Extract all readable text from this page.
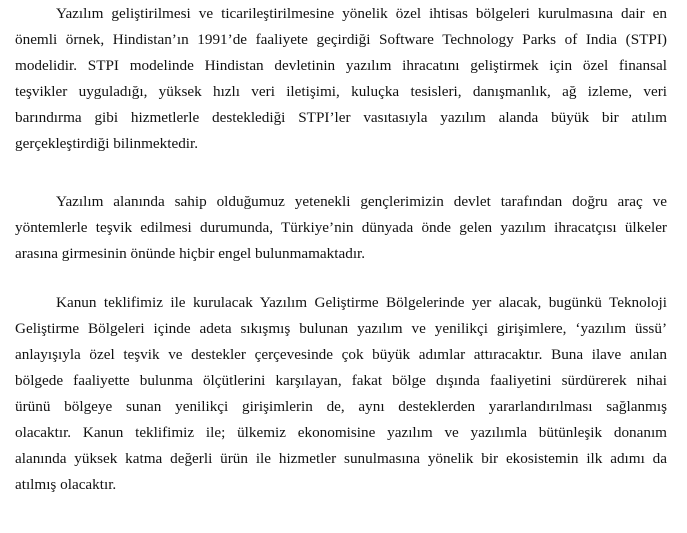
Yazılım geliştirilmesi ve ticarileştirilmesine yönelik özel ihtisas bölgeleri kurulmasına dair en
önemli örnek, Hindistan’ın 1991’de faaliyete geçirdiği Software Technology Parks of India (STPI)
modelidir. STPI modelinde Hindistan devletinin yazılım ihracatını geliştirmek için özel finansal
teşvikler uyguladığı, yüksek hızlı veri iletişimi, kuluçka tesisleri, danışmanlık, ağ izleme, veri
barındırma gibi hizmetlerle desteklediği STPI’ler vasıtasıyla yazılım alanda büyük bir atılım
gerçekleştirdiği bilinmektedir.
Yazılım alanında sahip olduğumuz yetenekli gençlerimizin devlet tarafından doğru araç ve
yöntemlerle teşvik edilmesi durumunda, Türkiye’nin dünyada önde gelen yazılım ihracatçısı ülkeler
arasına girmesinin önünde hiçbir engel bulunmamaktadır.
Kanun teklifimiz ile kurulacak Yazılım Geliştirme Bölgelerinde yer alacak, bugünkü Teknoloji
Geliştirme Bölgeleri içinde adeta sıkışmış bulunan yazılım ve yenilikçi girişimlere, ‘yazılım üssü’
anlayışıyla özel teşvik ve destekler çerçevesinde çok büyük adımlar attıracaktır. Buna ilave anılan
bölgede faaliyette bulunma ölçütlerini karşılayan, fakat bölge dışında faaliyetini sürdürerek nihai
ürünü bölgeye sunan yenilikçi girişimlerin de, aynı desteklerden yararlandırılması sağlanmış
olacaktır. Kanun teklifimiz ile; ülkemiz ekonomisine yazılım ve yazılımla bütünleşik donanım
alanında yüksek katma değerli ürün ile hizmetler sunulmasına yönelik bir ekosistemin ilk adımı da
atılmış olacaktır.
